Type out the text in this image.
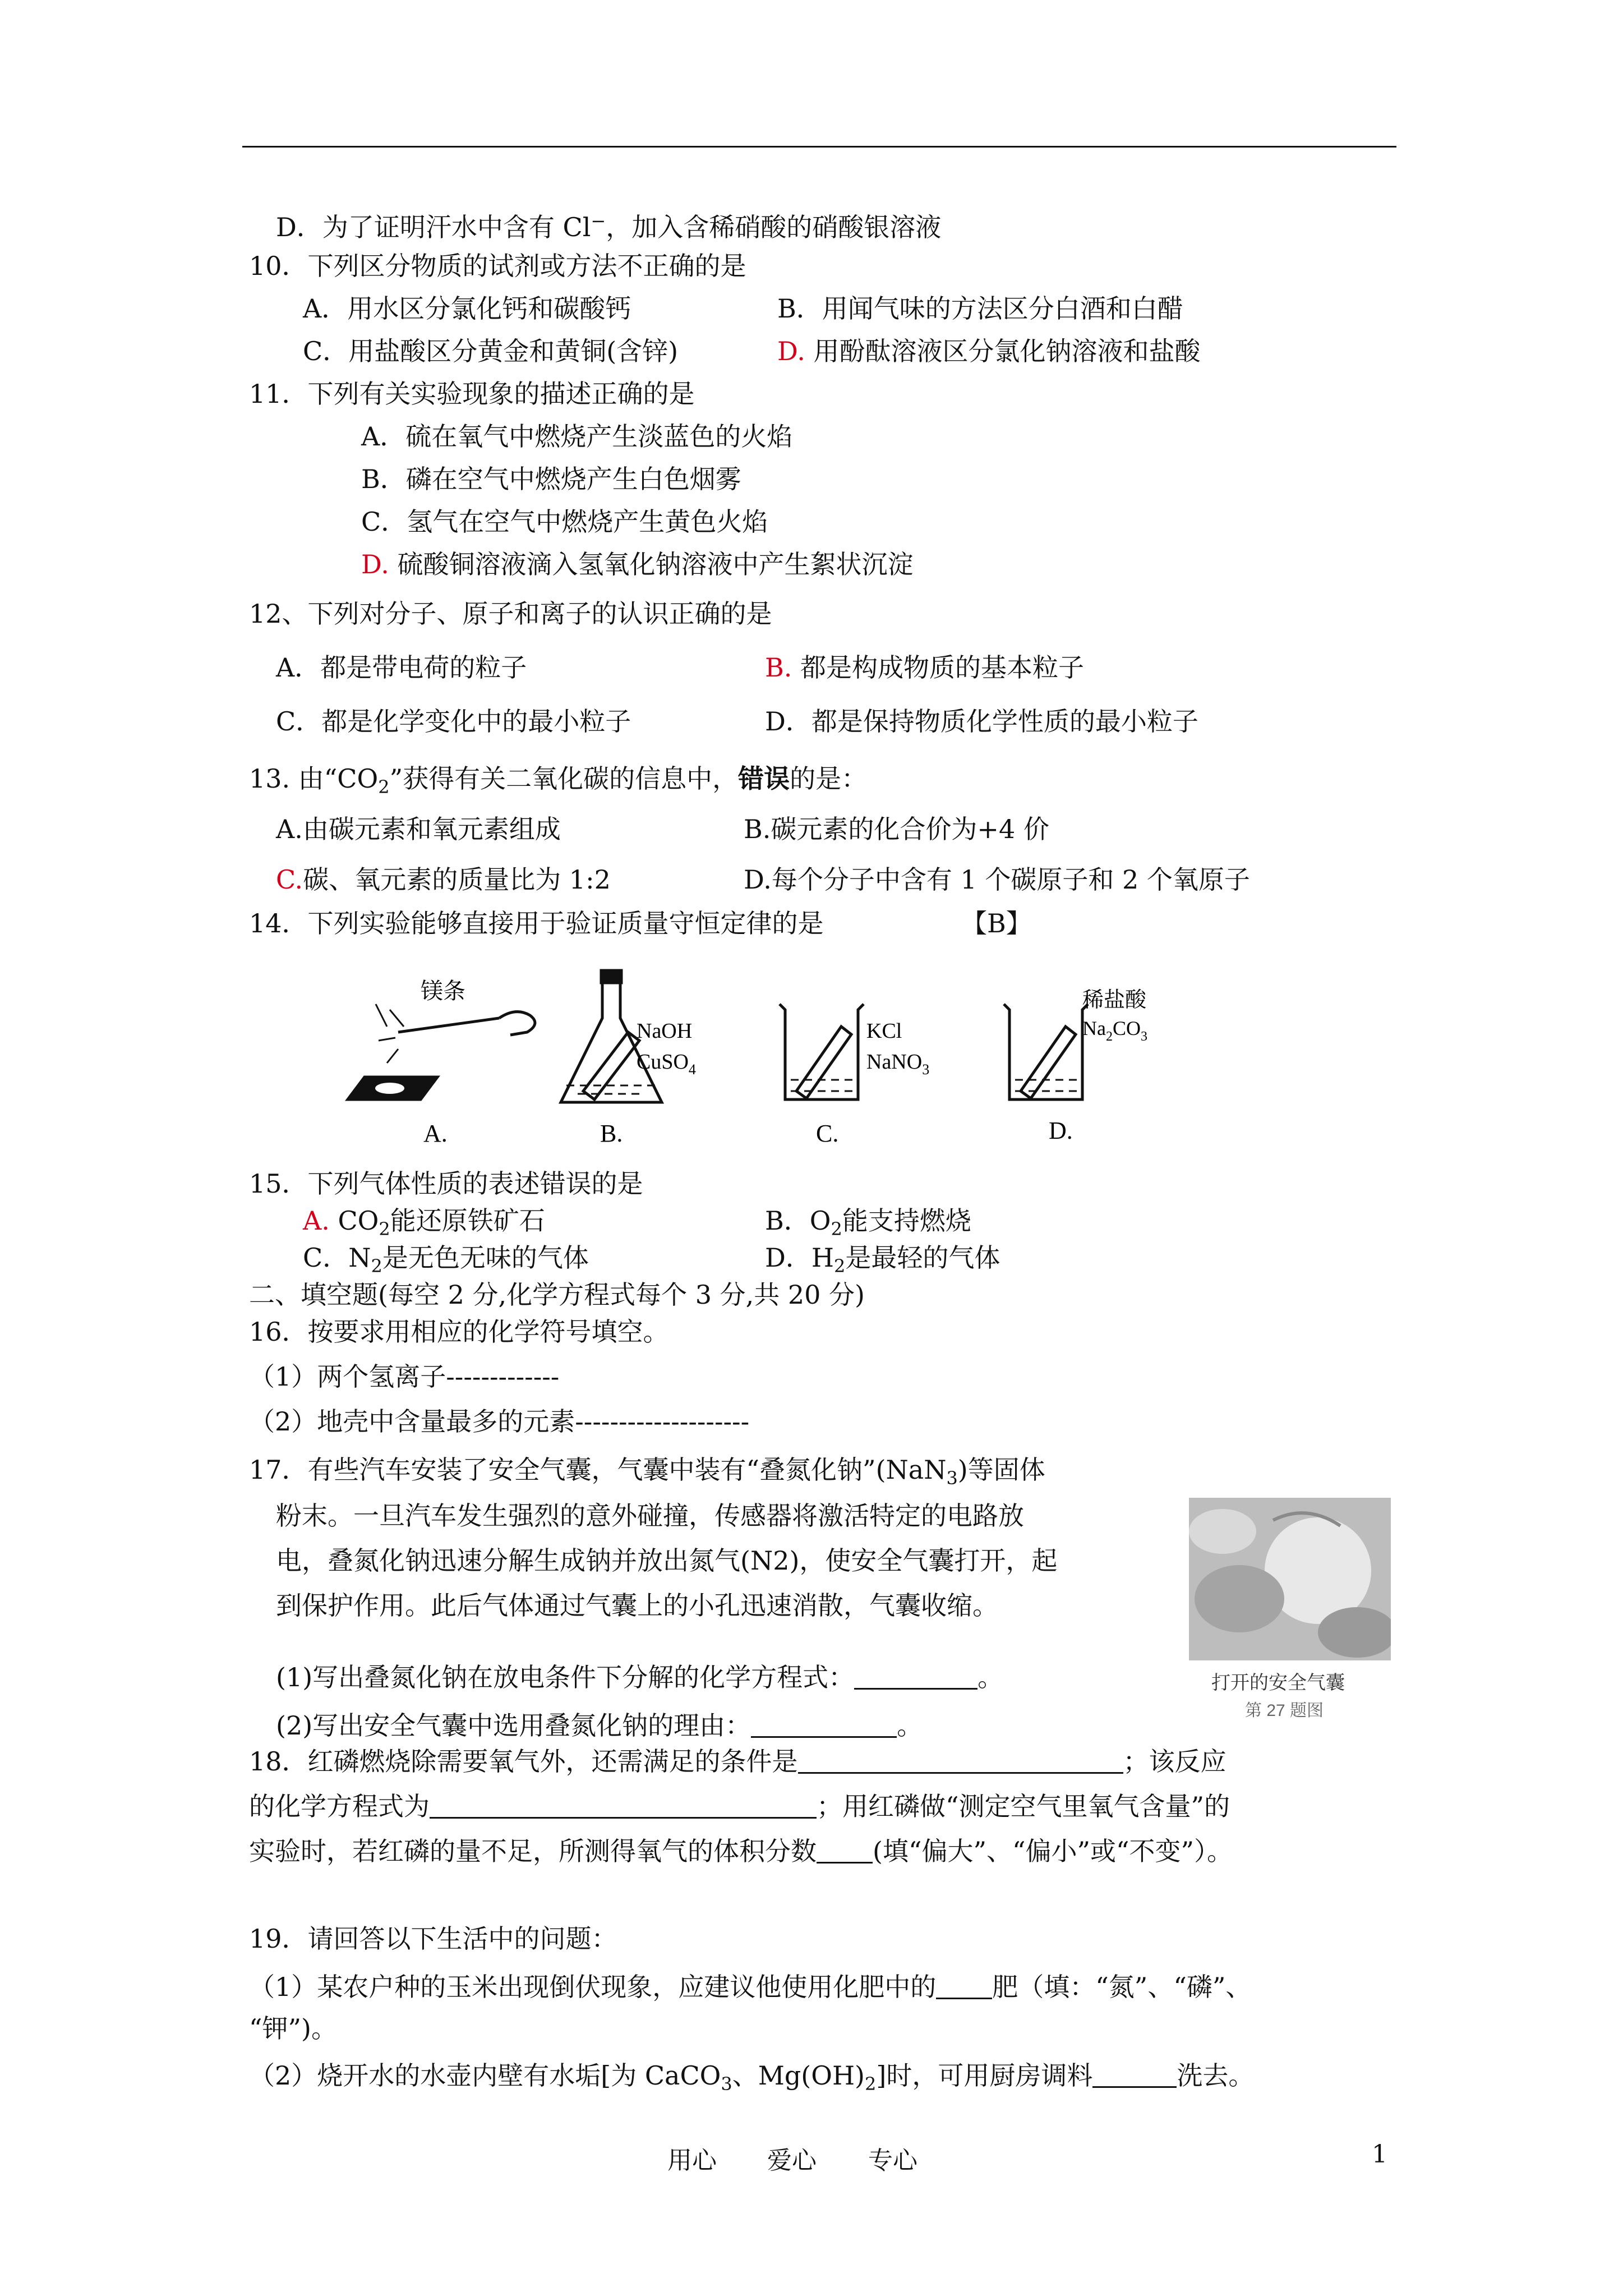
D．为了证明汗水中含有 Cl−，加入含稀硝酸的硝酸银溶液
10．下列区分物质的试剂或方法不正确的是
A．用水区分氯化钙和碳酸钙	B．用闻气味的方法区分白酒和白醋
C．用盐酸区分黄金和黄铜(含锌)	D. 用酚酞溶液区分氯化钠溶液和盐酸
11．下列有关实验现象的描述正确的是
A．硫在氧气中燃烧产生淡蓝色的火焰
B．磷在空气中燃烧产生白色烟雾
C．氢气在空气中燃烧产生黄色火焰
D. 硫酸铜溶液滴入氢氧化钠溶液中产生絮状沉淀
12、下列对分子、原子和离子的认识正确的是
A．都是带电荷的粒子	B. 都是构成物质的基本粒子
C．都是化学变化中的最小粒子	D．都是保持物质化学性质的最小粒子
13. 由“$CO_2$”获得有关二氧化碳的信息中，错误的是：
A.由碳元素和氧元素组成	B.碳元素的化合价为+4 价
C.碳、氧元素的质量比为 1:2	D.每个分子中含有 1 个碳原子和 2 个氧原子
14．下列实验能够直接用于验证质量守恒定律的是	【B】
镁条
A.
NaOH
CuSO$_4$
B.
KCl
NaNO$_3$
C.
稀盐酸
$Na_2CO_3$
D.
15．下列气体性质的表述错误的是
A. $CO_2$能还原铁矿石	B．$O_2$能支持燃烧
C．$N_2$是无色无味的气体	D．$H_2$是最轻的气体
二、填空题(每空 2 分,化学方程式每个 3 分,共 20 分)
16．按要求用相应的化学符号填空。
（1）两个氢离子-------------
（2）地壳中含量最多的元素--------------------
17．有些汽车安装了安全气囊，气囊中装有“叠氮化钠”(NaN$_3$)等固体
粉末。一旦汽车发生强烈的意外碰撞，传感器将激活特定的电路放
电，叠氮化钠迅速分解生成钠并放出氮气(N2)，使安全气囊打开，起
到保护作用。此后气体通过气囊上的小孔迅速消散，气囊收缩。
(1)写出叠氮化钠在放电条件下分解的化学方程式：	。
(2)写出安全气囊中选用叠氮化钠的理由：	。
打开的安全气囊
第 27 题图
18．红磷燃烧除需要氧气外，还需满足的条件是	；该反应
的化学方程式为	；用红磷做“测定空气里氧气含量”的
实验时，若红磷的量不足，所测得氧气的体积分数 (填“偏大”、“偏小”或“不变”）。
19．请回答以下生活中的问题：
（1）某农户种的玉米出现倒伏现象，应建议他使用化肥中的 肥（填：“氮”、“磷”、
“钾”)。
（2）烧开水的水壶内壁有水垢[为 CaCO$_3$、$Mg(OH)_2$]时，可用厨房调料	洗去。
用心 爱心 专心	1
